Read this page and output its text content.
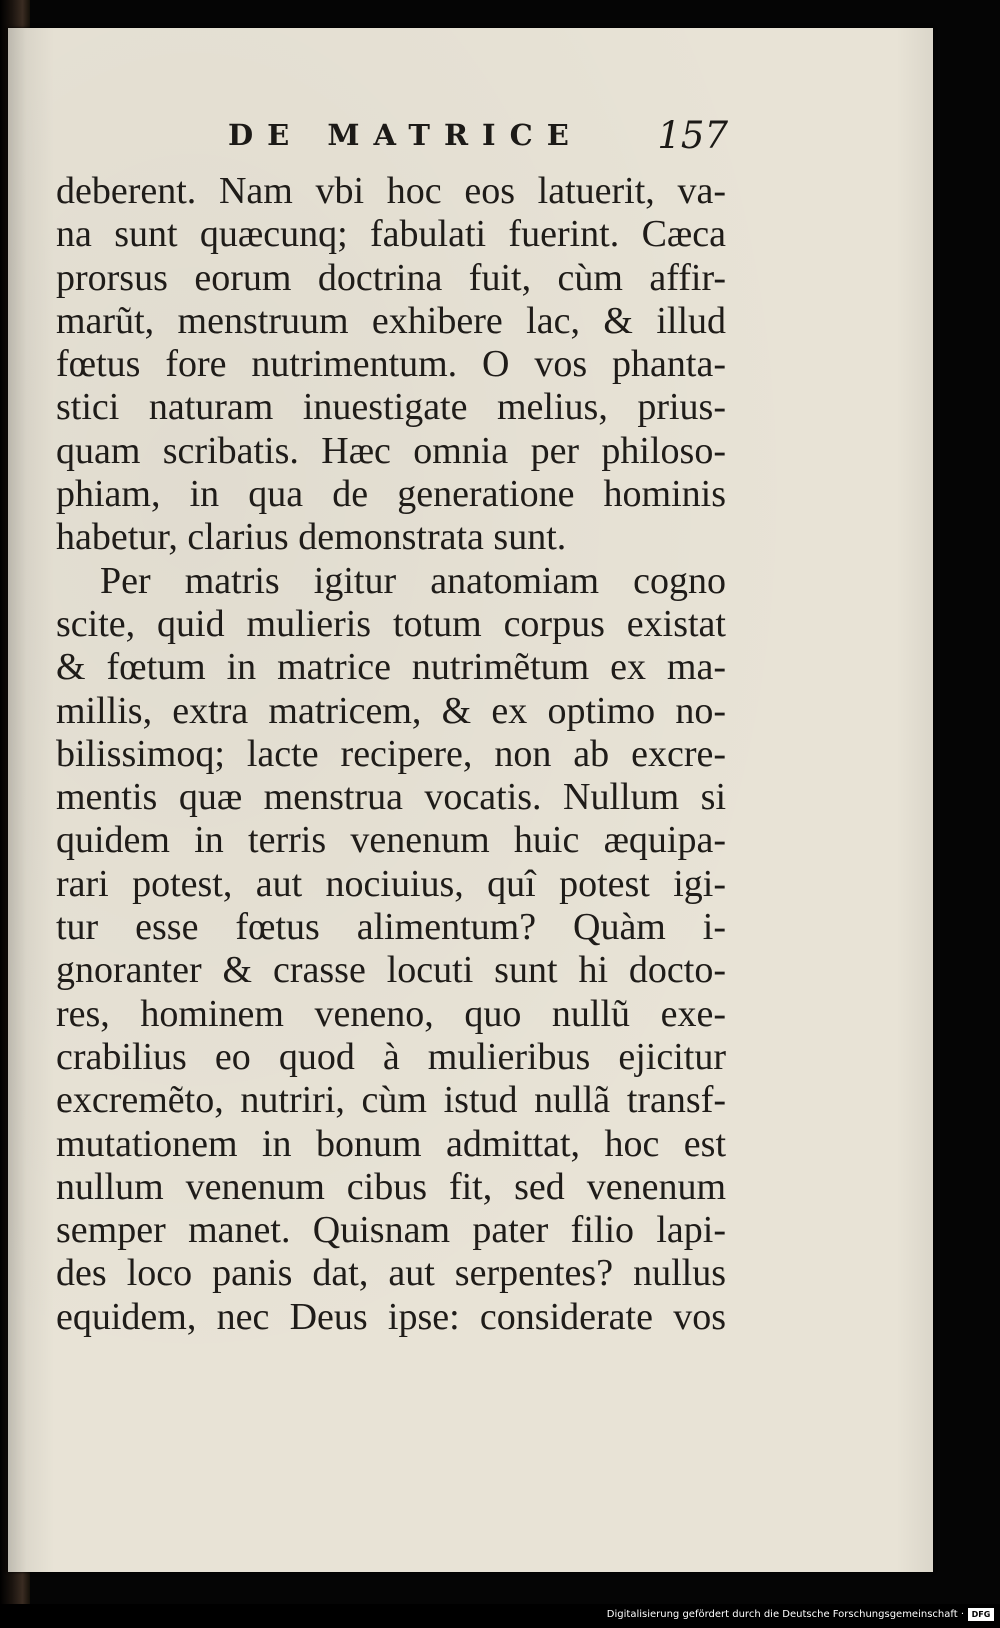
DE MATRICE 157
deberent. Nam vbi hoc eos latuerit, va-
na sunt quæcunq; fabulati fuerint. Cæca
prorsus eorum doctrina fuit, cùm affir-
marũt, menstruum exhibere lac, & illud
fœtus fore nutrimentum. O vos phanta-
stici naturam inuestigate melius, prius-
quam scribatis. Hæc omnia per philoso-
phiam, in qua de generatione hominis
habetur, clarius demonstrata sunt.
Per matris igitur anatomiam cogno
scite, quid mulieris totum corpus existat
& fœtum in matrice nutrimẽtum ex ma-
millis, extra matricem, & ex optimo no-
bilissimoq; lacte recipere, non ab excre-
mentis quæ menstrua vocatis. Nullum si
quidem in terris venenum huic æquipa-
rari potest, aut nociuius, quî potest igi-
tur esse fœtus alimentum? Quàm i-
gnoranter & crasse locuti sunt hi docto-
res, hominem veneno, quo nullũ exe-
crabilius eo quod à mulieribus ejicitur
excremẽto, nutriri, cùm istud nullã transf-
mutationem in bonum admittat, hoc est
nullum venenum cibus fit, sed venenum
semper manet. Quisnam pater filio lapi-
des loco panis dat, aut serpentes? nullus
equidem, nec Deus ipse: considerate vos
Digitalisierung gefördert durch die Deutsche Forschungsgemeinschaft · DFG
